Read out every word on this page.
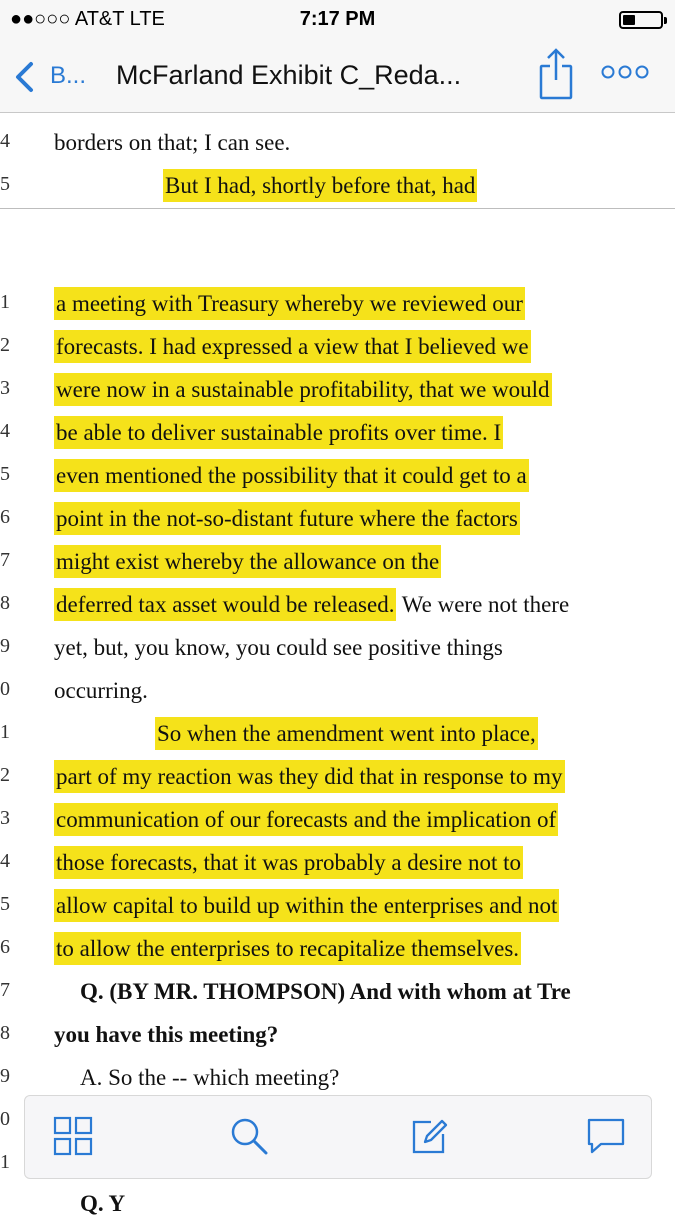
●●○○○ AT&T LTE	7:17 PM
B... McFarland Exhibit C_Reda...
4 borders on that; I can see.
5	But I had, shortly before that, had
1 a meeting with Treasury whereby we reviewed our
2 forecasts. I had expressed a view that I believed we
3 were now in a sustainable profitability, that we would
4 be able to deliver sustainable profits over time. I
5 even mentioned the possibility that it could get to a
6 point in the not-so-distant future where the factors
7 might exist whereby the allowance on the
8 deferred tax asset would be released. We were not there
9 yet, but, you know, you could see positive things
0 occurring.
1	So when the amendment went into place,
2 part of my reaction was they did that in response to my
3 communication of our forecasts and the implication of
4 those forecasts, that it was probably a desire not to
5 allow capital to build up within the enterprises and not
6 to allow the enterprises to recapitalize themselves.
7	Q. (BY MR. THOMPSON) And with whom at Tre
8 you have this meeting?
9	A. So the -- which meeting?
0
1
Q. Y
